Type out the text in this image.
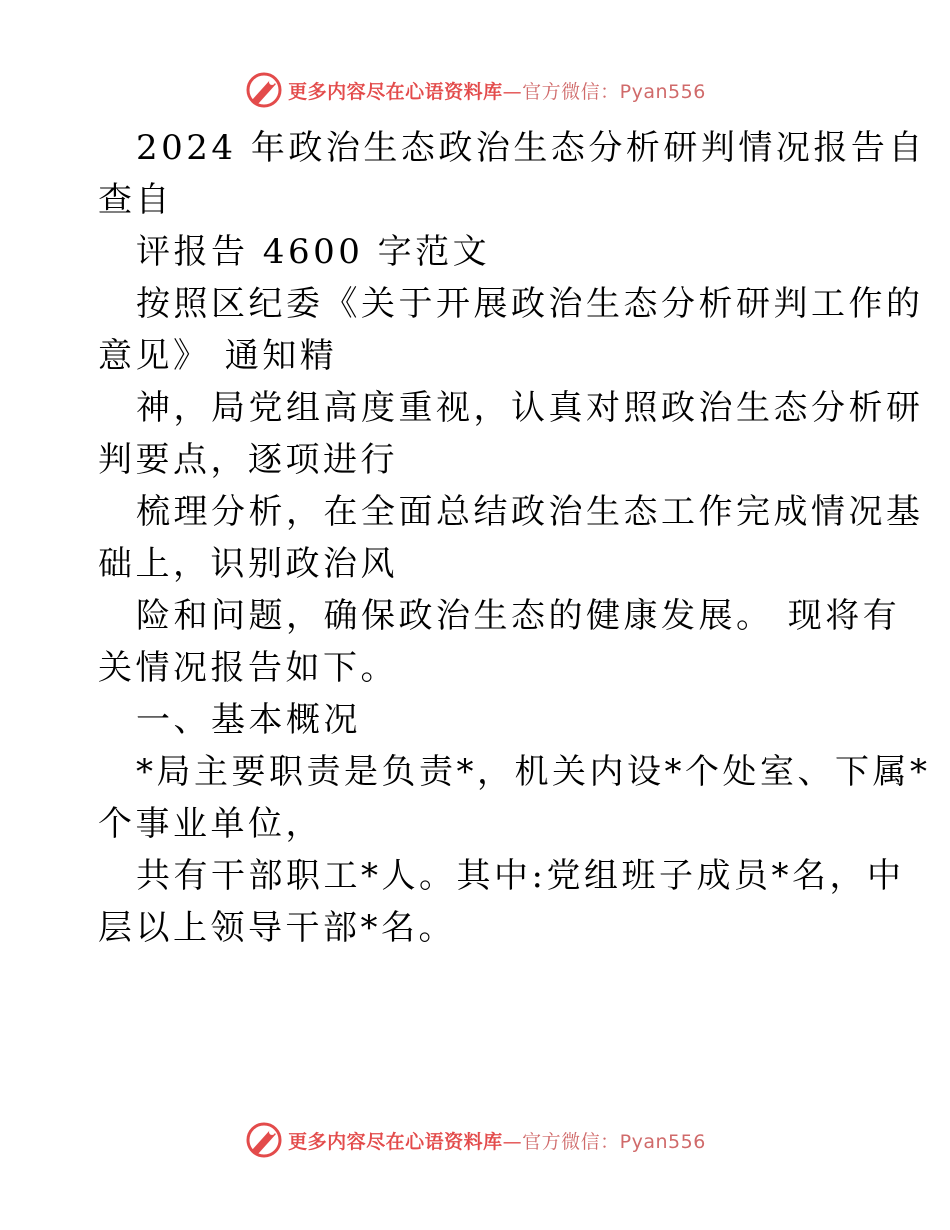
更多内容尽在心语资料库—官方微信：Pyan556
2024 年政治生态政治生态分析研判情况报告自
查自
评报告 4600 字范文
按照区纪委《关于开展政治生态分析研判工作的
意见》 通知精
神，局党组高度重视，认真对照政治生态分析研
判要点，逐项进行
梳理分析，在全面总结政治生态工作完成情况基
础上，识别政治风
险和问题，确保政治生态的健康发展。 现将有
关情况报告如下。
一、基本概况
*局主要职责是负责*，机关内设*个处室、下属*
个事业单位，
共有干部职工*人。其中:党组班子成员*名，中
层以上领导干部*名。
更多内容尽在心语资料库—官方微信：Pyan556
